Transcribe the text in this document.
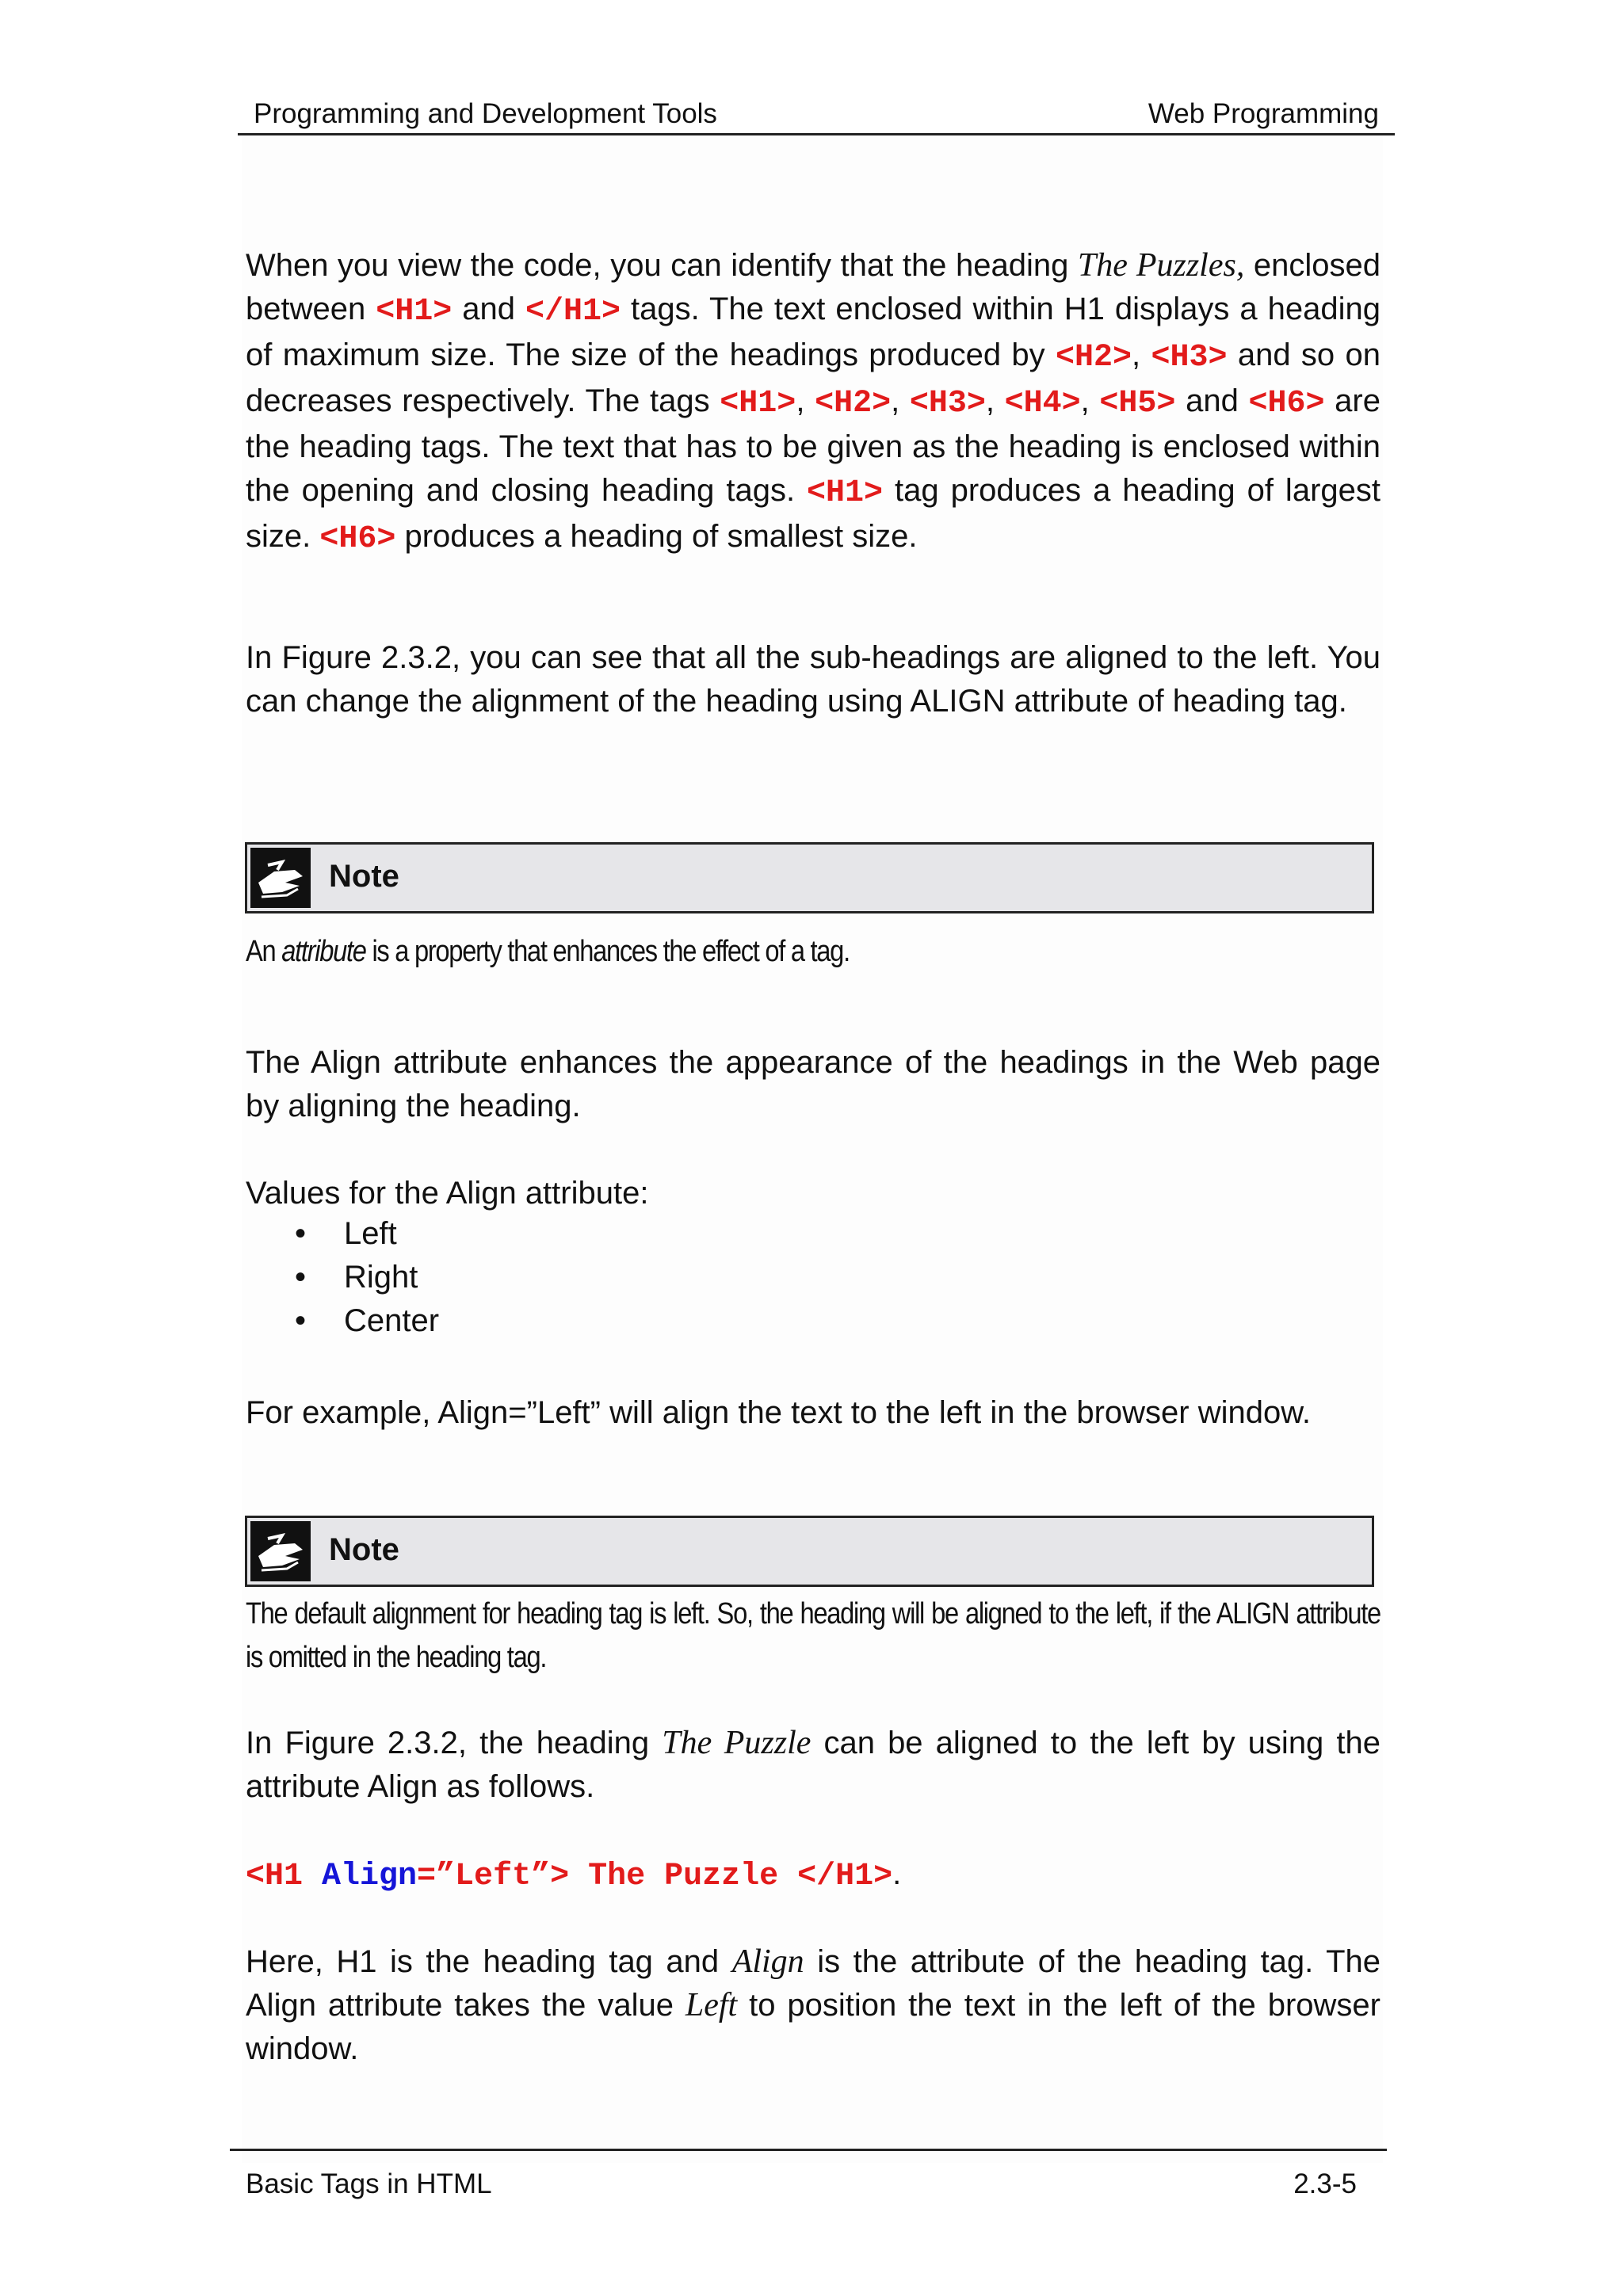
Programming and Development Tools	Web Programming
When you view the code, you can identify that the heading The Puzzles, enclosed between <H1> and </H1> tags. The text enclosed within H1 displays a heading of maximum size. The size of the headings produced by <H2>, <H3> and so on decreases respectively. The tags <H1>, <H2>, <H3>, <H4>, <H5> and <H6> are the heading tags. The text that has to be given as the heading is enclosed within the opening and closing heading tags. <H1> tag produces a heading of largest size. <H6> produces a heading of smallest size.
In Figure 2.3.2, you can see that all the sub-headings are aligned to the left. You can change the alignment of the heading using ALIGN attribute of heading tag.
Note
An attribute is a property that enhances the effect of a tag.
The Align attribute enhances the appearance of the headings in the Web page by aligning the heading.
Values for the Align attribute:
• Left
• Right
• Center
For example, Align=”Left” will align the text to the left in the browser window.
Note
The default alignment for heading tag is left. So, the heading will be aligned to the left, if the ALIGN attribute is omitted in the heading tag.
In Figure 2.3.2, the heading The Puzzle can be aligned to the left by using the attribute Align as follows.
<H1 Align=”Left”> The Puzzle </H1>.
Here, H1 is the heading tag and Align is the attribute of the heading tag. The Align attribute takes the value Left to position the text in the left of the browser window.
Basic Tags in HTML	2.3-5
